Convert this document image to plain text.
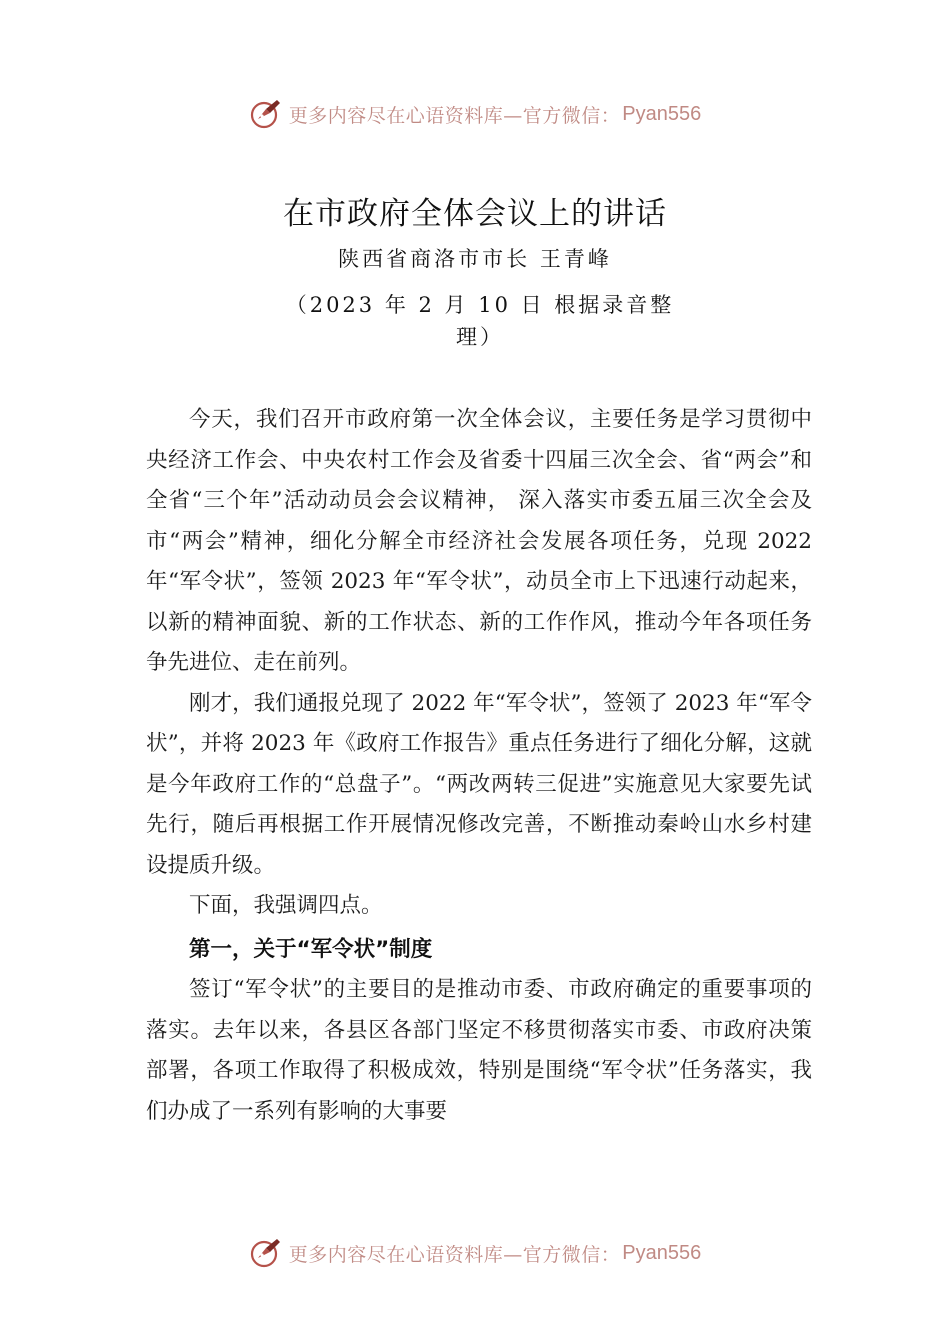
更多内容尽在心语资料库—官方微信： Pyan556
在市政府全体会议上的讲话
陕西省商洛市市长 王青峰
（2023 年 2 月 10 日 根据录音整理）

今天，我们召开市政府第一次全体会议，主要任务是学习贯彻中央经济工作会、中央农村工作会及省委十四届三次全会、省“两会”和全省“三个年”活动动员会会议精神， 深入落实市委五届三次全会及市“两会”精神，细化分解全市经济社会发展各项任务，兑现 2022 年“军令状”，签领 2023 年“军令状”，动员全市上下迅速行动起来，以新的精神面貌、新的工作状态、新的工作作风，推动今年各项任务争先进位、走在前列。

刚才，我们通报兑现了 2022 年“军令状”，签领了 2023 年“军令状”，并将 2023 年《政府工作报告》重点任务进行了细化分解，这就是今年政府工作的“总盘子”。“两改两转三促进”实施意见大家要先试先行，随后再根据工作开展情况修改完善，不断推动秦岭山水乡村建设提质升级。

下面，我强调四点。

第一，关于“军令状”制度

签订“军令状”的主要目的是推动市委、市政府确定的重要事项的落实。去年以来，各县区各部门坚定不移贯彻落实市委、市政府决策部署，各项工作取得了积极成效，特别是围绕“军令状”任务落实，我们办成了一系列有影响的大事要

更多内容尽在心语资料库—官方微信： Pyan556
